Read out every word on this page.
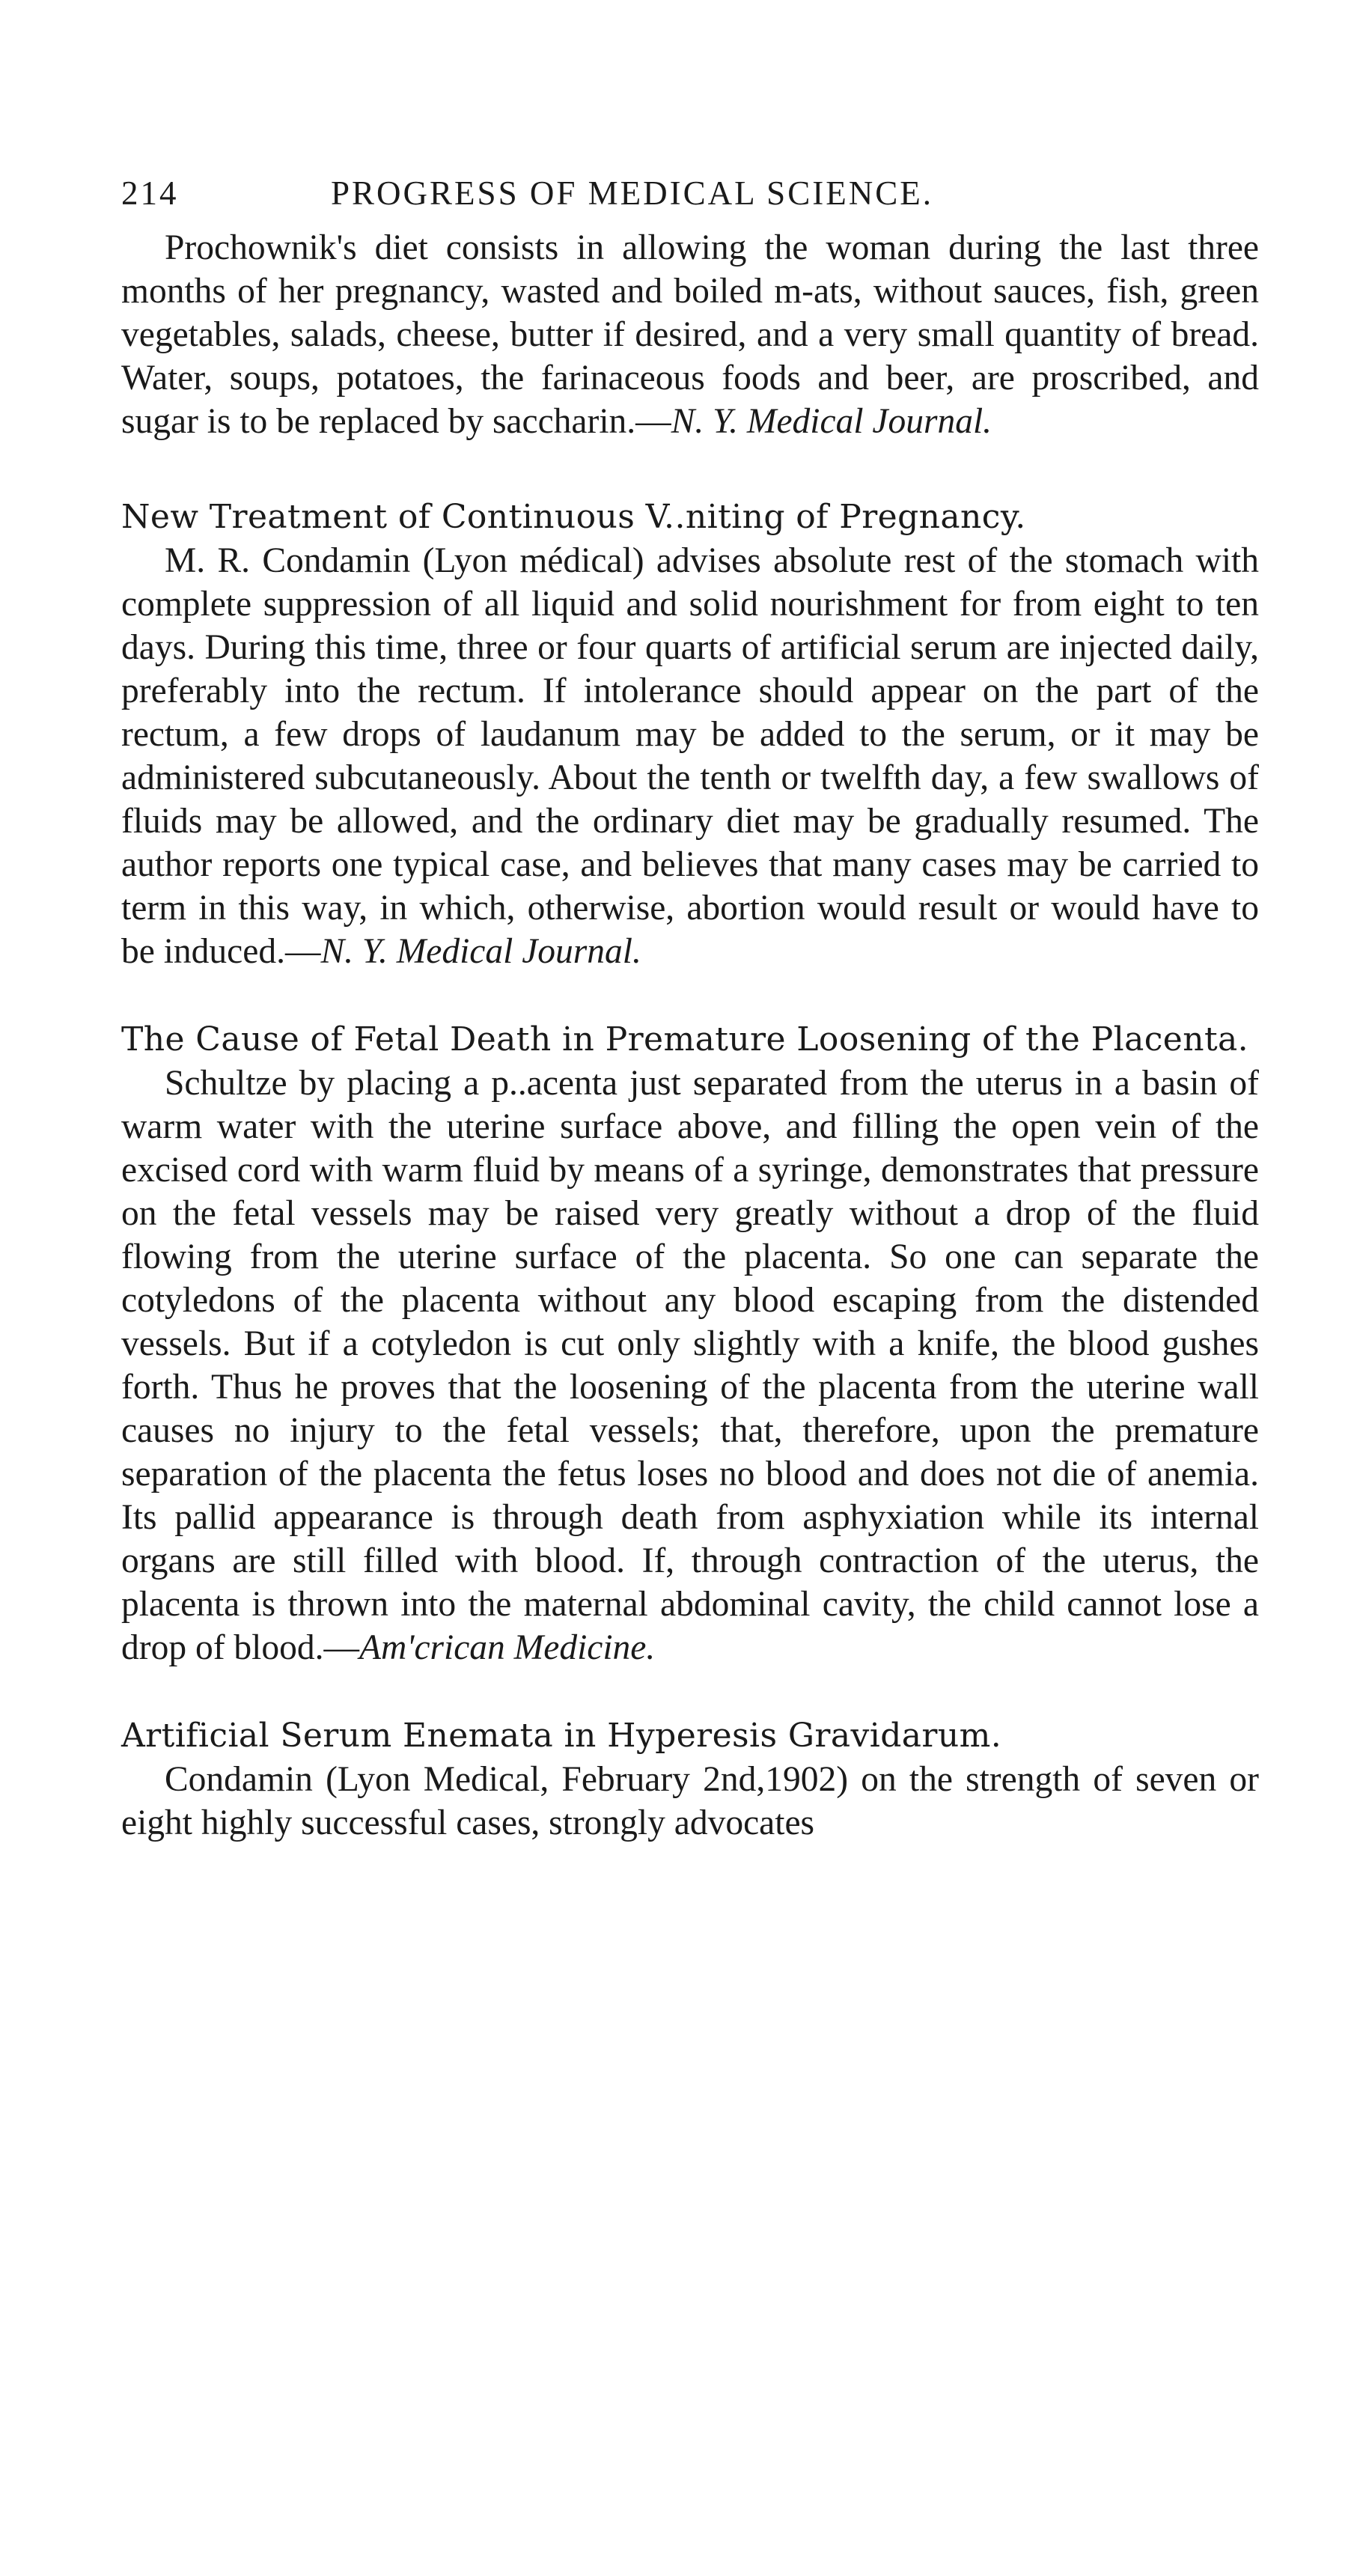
214	PROGRESS OF MEDICAL SCIENCE.

Prochownik's diet consists in allowing the woman during the last three months of her pregnancy, wasted and boiled m-ats, without sauces, fish, green vegetables, salads, cheese, butter if desired, and a very small quantity of bread. Water, soups, potatoes, the farinaceous foods and beer, are proscribed, and sugar is to be replaced by saccharin.—N. Y. Medical Journal.

New Treatment of Continuous V..niting of Pregnancy.

M. R. Condamin (Lyon médical) advises absolute rest of the stomach with complete suppression of all liquid and solid nourishment for from eight to ten days. During this time, three or four quarts of artificial serum are injected daily, preferably into the rectum. If intolerance should appear on the part of the rectum, a few drops of laudanum may be added to the serum, or it may be administered subcutaneously. About the tenth or twelfth day, a few swallows of fluids may be allowed, and the ordinary diet may be gradually resumed. The author reports one typical case, and believes that many cases may be carried to term in this way, in which, otherwise, abortion would result or would have to be induced.—N. Y. Medical Journal.

The Cause of Fetal Death in Premature Loosening of the Placenta.

Schultze by placing a p..acenta just separated from the uterus in a basin of warm water with the uterine surface above, and filling the open vein of the excised cord with warm fluid by means of a syringe, demonstrates that pressure on the fetal vessels may be raised very greatly without a drop of the fluid flowing from the uterine surface of the placenta. So one can separate the cotyledons of the placenta without any blood escaping from the distended vessels. But if a cotyledon is cut only slightly with a knife, the blood gushes forth. Thus he proves that the loosening of the placenta from the uterine wall causes no injury to the fetal vessels; that, therefore, upon the premature separation of the placenta the fetus loses no blood and does not die of anemia. Its pallid appearance is through death from asphyxiation while its internal organs are still filled with blood. If, through contraction of the uterus, the placenta is thrown into the maternal abdominal cavity, the child cannot lose a drop of blood.—Am'crican Medicine.

Artificial Serum Enemata in Hyperesis Gravidarum.

Condamin (Lyon Medical, February 2nd,1902) on the strength of seven or eight highly successful cases, strongly advocates
